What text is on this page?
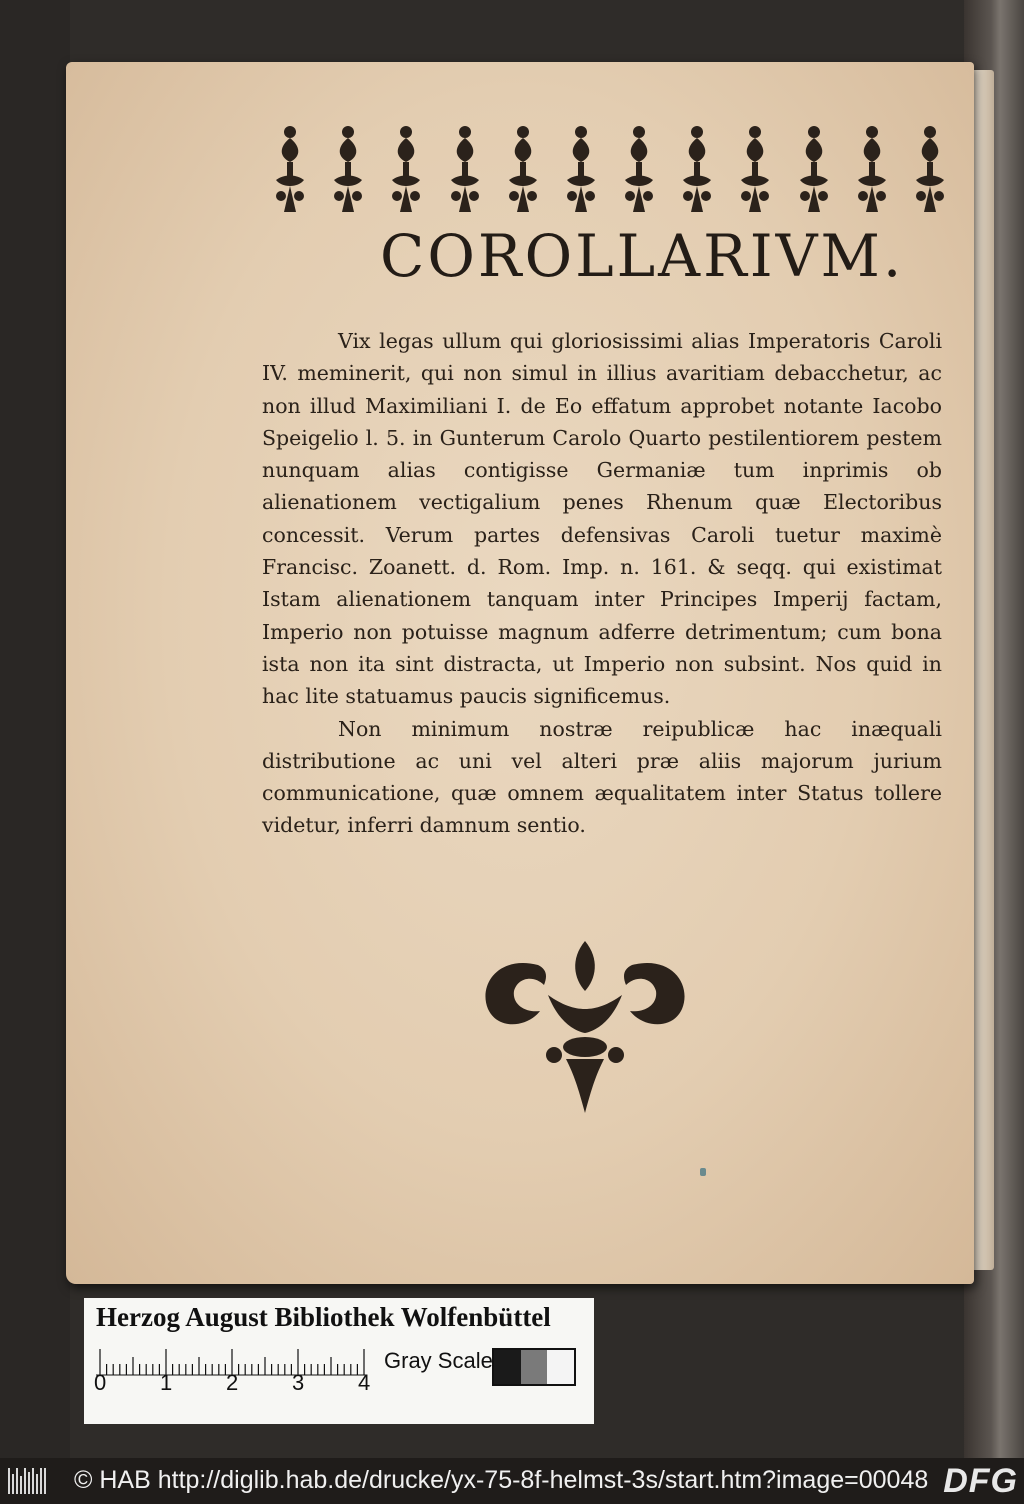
COROLLARIVM.

Vix legas ullum qui gloriosissimi alias Imperatoris Caroli IV. meminerit, qui non simul in illius avaritiam debacchetur, ac non illud Maximiliani I. de Eo effatum approbet notante Iacobo Speigelio l. 5. in Gunterum Carolo Quarto pestilentiorem pestem nunquam alias contigisse Germaniæ tum inprimis ob alienationem vectigalium penes Rhenum quæ Electoribus concessit. Verum partes defensivas Caroli tuetur maximè Francisc. Zoanett. d. Rom. Imp. n. 161. & seqq. qui existimat Istam alienationem tanquam inter Principes Imperij factam, Imperio non potuisse magnum adferre detrimentum; cum bona ista non ita sint distracta, ut Imperio non subsint. Nos quid in hac lite statuamus paucis significemus.

Non minimum nostræ reipublicæ hac inæquali distributione ac uni vel alteri præ aliis majorum jurium communicatione, quæ omnem æqualitatem inter Status tollere videtur, inferri damnum sentio.

Herzog August Bibliothek Wolfenbüttel
0 1 2 3 4
Gray Scale
© HAB http://diglib.hab.de/drucke/yx-75-8f-helmst-3s/start.htm?image=00048 DFG
